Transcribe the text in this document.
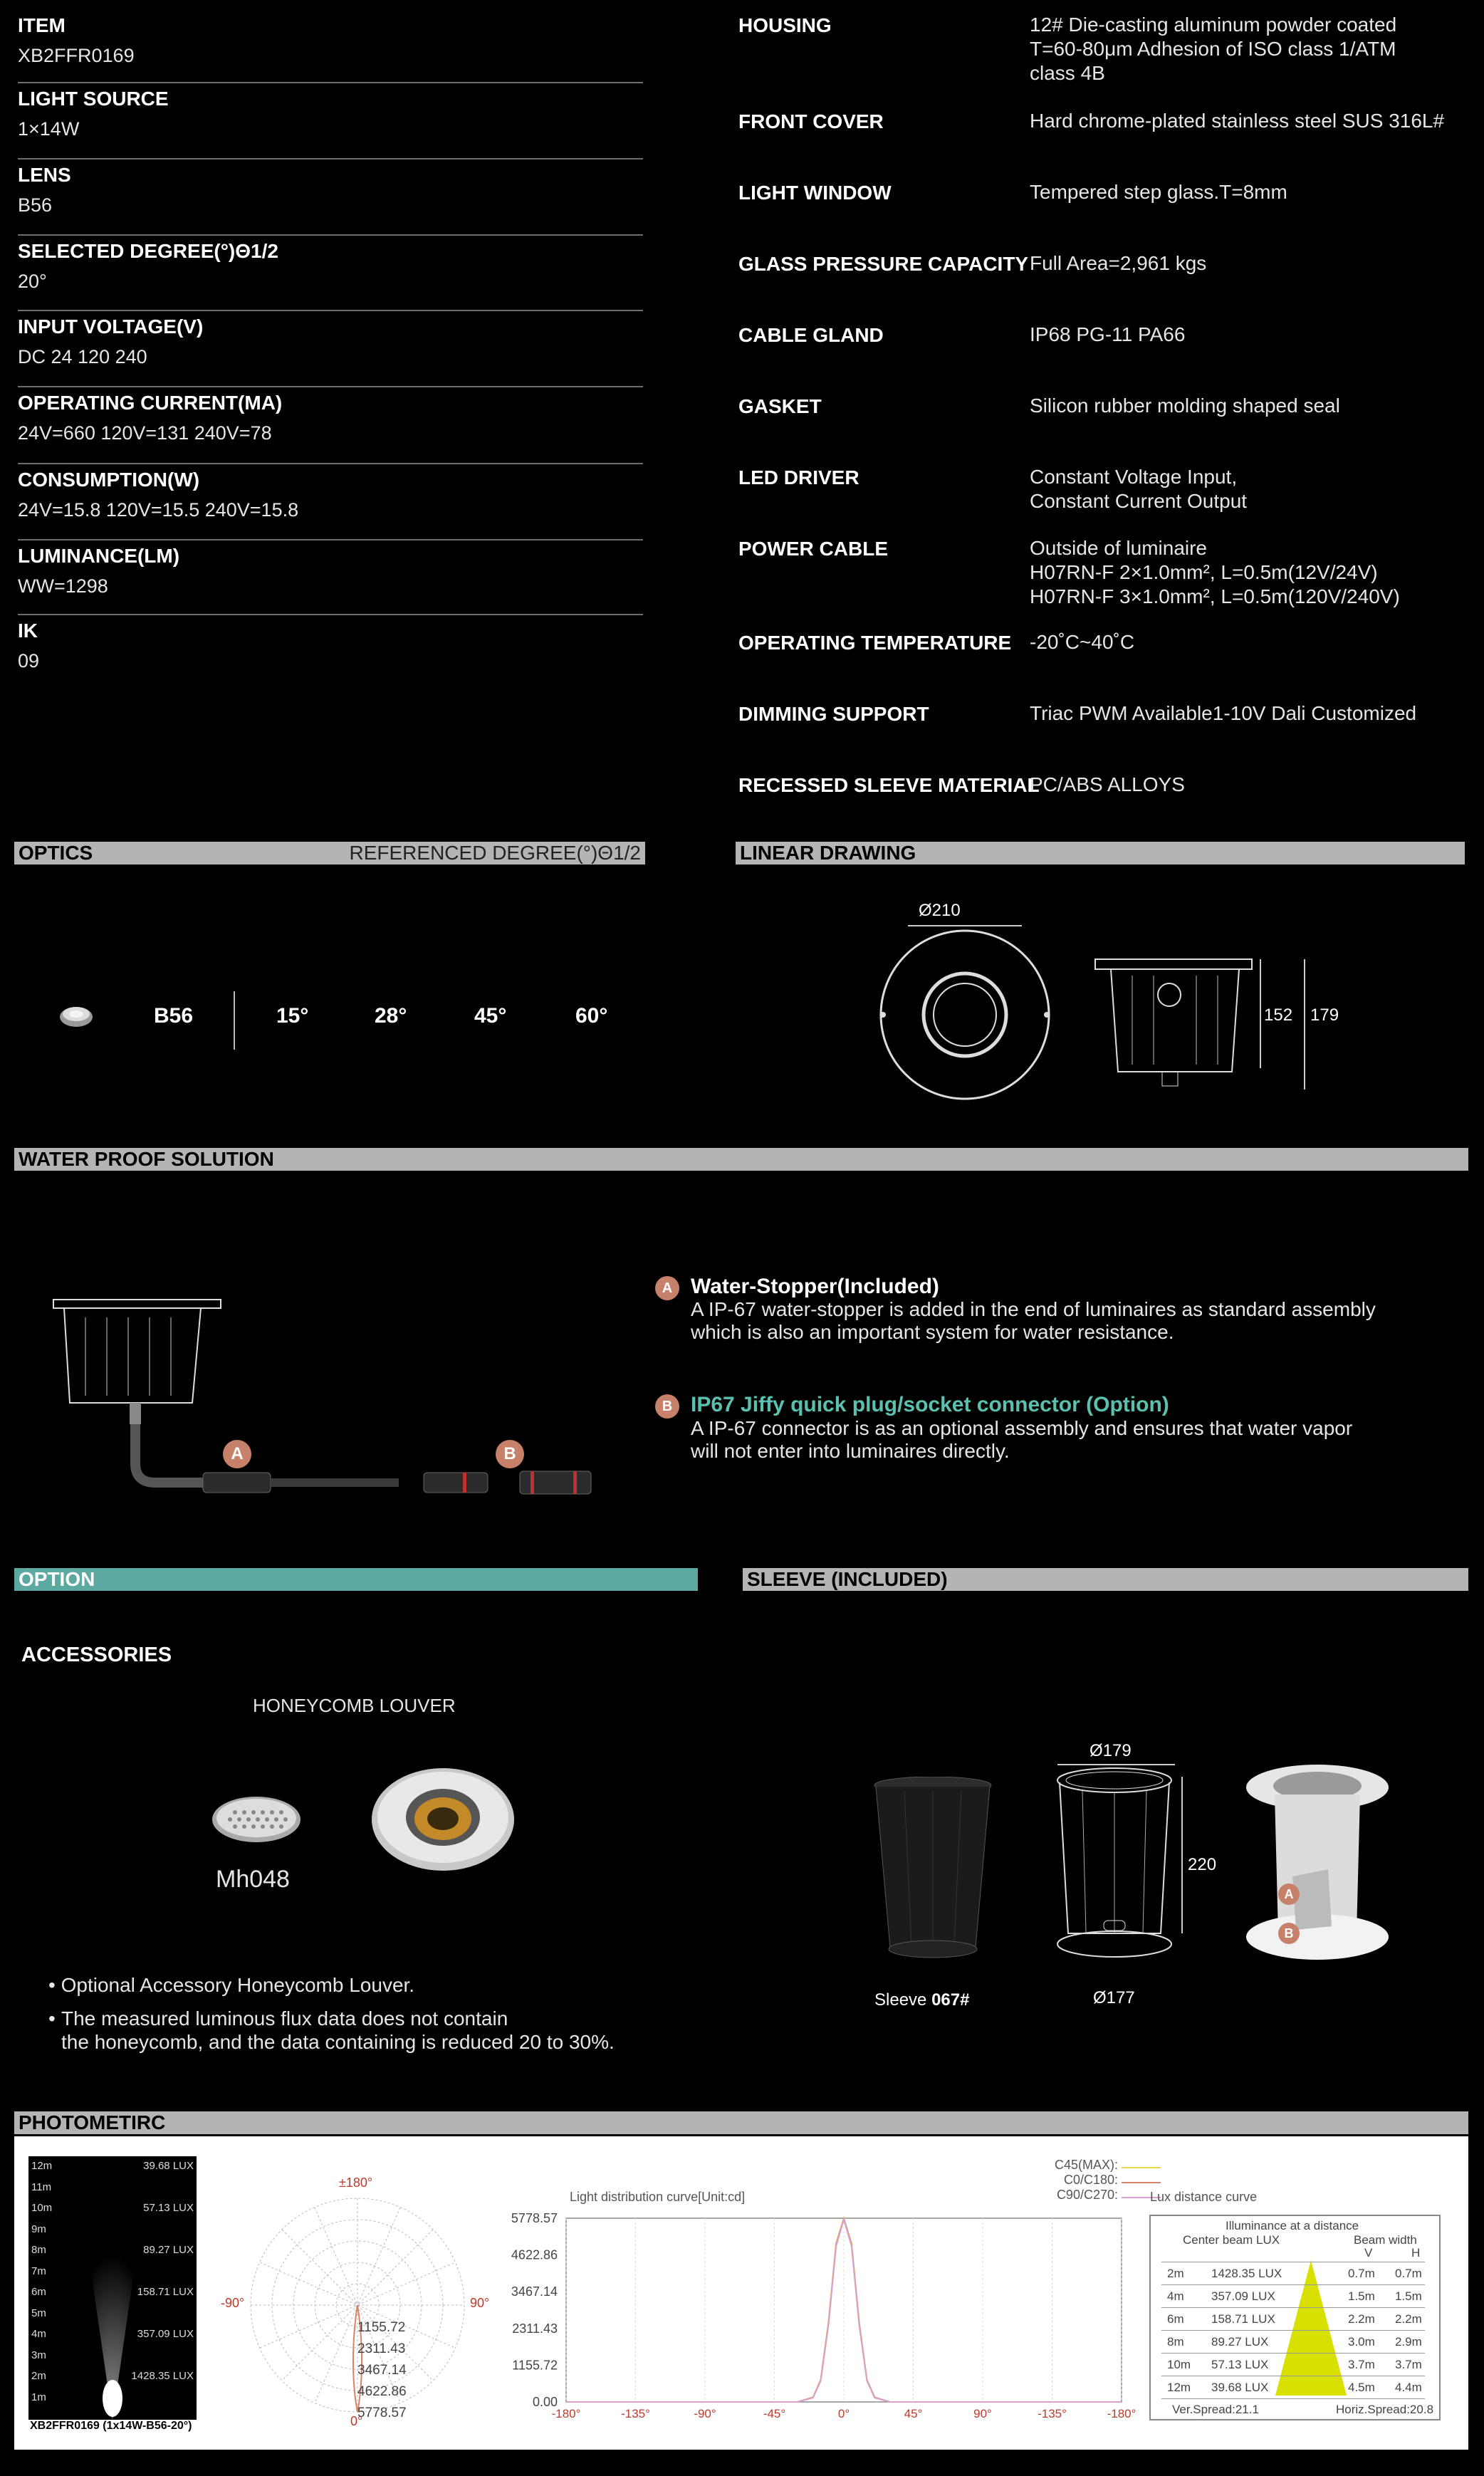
ITEM
XB2FFR0169
LIGHT SOURCE
1×14W
LENS
B56
SELECTED DEGREE(°)Θ1/2
20°
INPUT VOLTAGE(V)
DC 24 120 240
OPERATING CURRENT(MA)
24V=660 120V=131 240V=78
CONSUMPTION(W)
24V=15.8 120V=15.5 240V=15.8
LUMINANCE(LM)
WW=1298
IK
09
HOUSING	12# Die-casting aluminum powder coated
T=60-80μm Adhesion of ISO class 1/ATM
class 4B
FRONT COVER	Hard chrome-plated stainless steel SUS 316L#
LIGHT WINDOW	Tempered step glass.T=8mm
GLASS PRESSURE CAPACITY Full Area=2,961 kgs
CABLE GLAND	IP68 PG-11 PA66
GASKET	Silicon rubber molding shaped seal
LED DRIVER	Constant Voltage Input,
Constant Current Output
POWER CABLE	Outside of luminaire
H07RN-F 2×1.0mm², L=0.5m(12V/24V)
H07RN-F 3×1.0mm², L=0.5m(120V/240V)
OPERATING TEMPERATURE -20˚C~40˚C
DIMMING SUPPORT	Triac PWM Available1-10V Dali Customized
RECESSED SLEEVE MATERIAL
PC/ABS ALLOYS
OPTICS	REFERENCED DEGREE(°)Θ1/2
B56	15°	28°	45°	60°
LINEAR DRAWING
Ø210
152 179
WATER PROOF SOLUTION
A	B
A Water-Stopper(Included)
A IP-67 water-stopper is added in the end of luminaires as standard assembly
which is also an important system for water resistance.
B IP67 Jiffy quick plug/socket connector (Option)
A IP-67 connector is as an optional assembly and ensures that water vapor
will not enter into luminaires directly.
OPTION
ACCESSORIES
HONEYCOMB LOUVER
Mh048
• Optional Accessory Honeycomb Louver.
• The measured luminous flux data does not contain
the honeycomb, and the data containing is reduced 20 to 30%.
SLEEVE (INCLUDED)
Sleeve 067#
Ø179
220
Ø177
A
B
PHOTOMETIRC
12m
11m
10m
9m
8m
7m
6m
5m
4m
3m
2m
1m
39.68 LUX
57.13 LUX
89.27 LUX
158.71 LUX
357.09 LUX
1428.35 LUX
XB2FFR0169 (1x14W-B56-20°)
±180°
-90°	90°
0°
1155.72
2311.43
3467.14
4622.86
5778.57
Light distribution curve[Unit:cd]
C45(MAX):
C0/C180:
C90/C270:
-180°	-135°	-90°	-45°	0°	45°	90°	-135°	-180°
0.00
1155.72
2311.43
3467.14
4622.86
5778.57
Lux distance curve
Illuminance at a distance
Center beam LUX	Beam width
V	H
2m 1428.35 LUX	0.7m 0.7m
4m 357.09 LUX	1.5m 1.5m
6m 158.71 LUX	2.2m 2.2m
8m 89.27 LUX	3.0m 2.9m
10m 57.13 LUX	3.7m 3.7m
12m 39.68 LUX	4.5m 4.4m
Ver.Spread:21.1	Horiz.Spread:20.8
